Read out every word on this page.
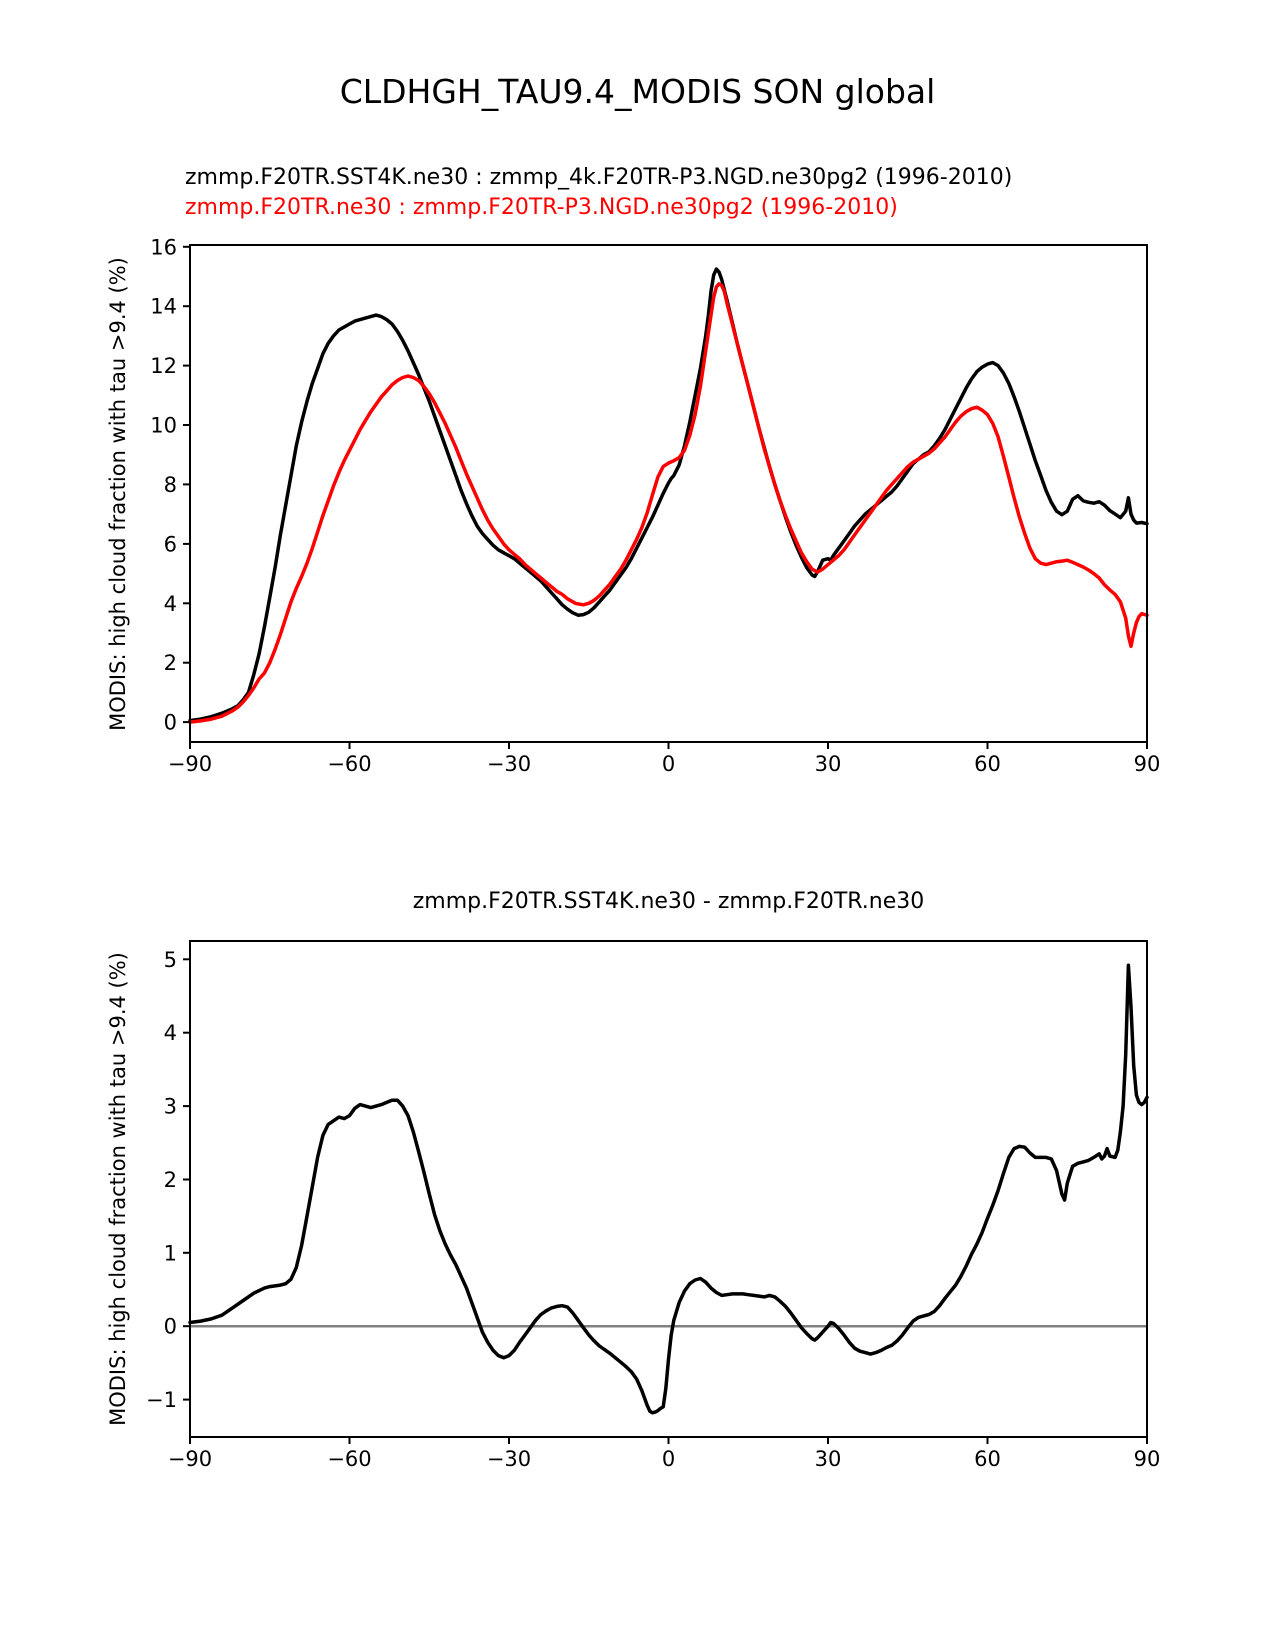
CLDHGH_TAU9.4_MODIS SON global
zmmp.F20TR.SST4K.ne30 : zmmp_4k.F20TR-P3.NGD.ne30pg2 (1996-2010)
zmmp.F20TR.ne30 : zmmp.F20TR-P3.NGD.ne30pg2 (1996-2010)
MODIS: high cloud fraction with tau >9.4 (%)
zmmp.F20TR.SST4K.ne30 - zmmp.F20TR.ne30
MODIS: high cloud fraction with tau >9.4 (%)
−90	−60	−30	0	30	60	90
0
2
4
6
8
10
12
14
16
−90	−60	−30	0	30	60	90
−1
0
1
2
3
4
5
